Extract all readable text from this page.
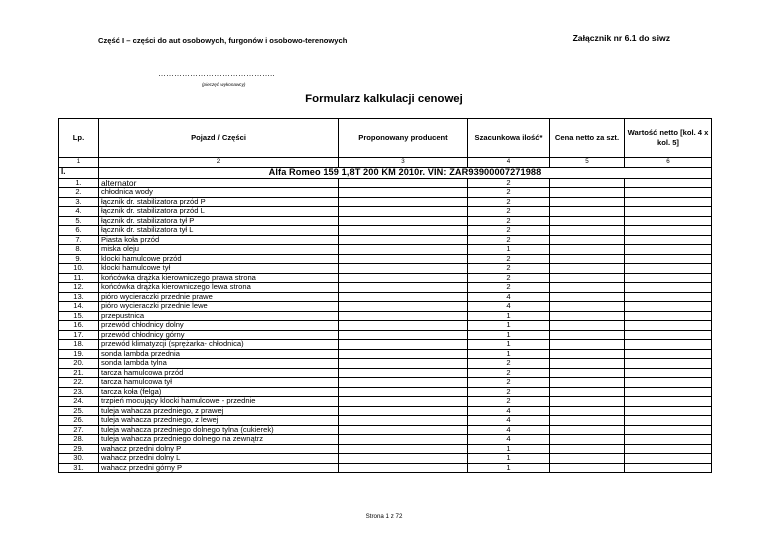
Część I – części do aut osobowych, furgonów i osobowo-terenowych	Załącznik nr 6.1 do siwz
……………………………………..
(pieczęć wykonawcy)
Formularz kalkulacji cenowej
Lp.	Pojazd / Części	Proponowany producent	Szacunkowa ilość*	Cena netto za szt.	Wartość netto [kol. 4 x kol. 5]
1	2	3	4	5	6
I.	Alfa Romeo 159 1,8T 200 KM 2010r. VIN: ZAR93900007271988				
1.	alternator		2		
2.	chłodnica wody		2		
3.	łącznik dr. stabilizatora przód P		2		
4.	łącznik dr. stabilizatora przód L		2		
5.	łącznik dr. stabilizatora tył P		2		
6.	łącznik dr. stabilizatora tył L		2		
7.	Piasta koła przód		2		
8.	miska oleju		1		
9.	klocki hamulcowe przód		2		
10.	klocki hamulcowe tył		2		
11.	końcówka drążka kierowniczego prawa strona		2		
12.	końcówka drążka kierowniczego lewa strona		2		
13.	pióro wycieraczki przednie prawe		4		
14.	pióro wycieraczki przednie lewe		4		
15.	przepustnica		1		
16.	przewód chłodnicy dolny		1		
17.	przewód chłodnicy górny		1		
18.	przewód klimatyzcji (sprężarka- chłodnica)		1		
19.	sonda lambda przednia		1		
20.	sonda lambda tylna		2		
21.	tarcza hamulcowa przód		2		
22.	tarcza hamulcowa tył		2		
23.	tarcza koła (felga)		2		
24.	trzpień mocujący klocki hamulcowe - przednie		2		
25.	tuleja wahacza przedniego, z prawej		4		
26.	tuleja wahacza przedniego, z lewej		4		
27.	tuleja wahacza przedniego dolnego tylna (cukierek)		4		
28.	tuleja wahacza przedniego dolnego na zewnątrz		4		
29.	wahacz przedni dolny P		1		
30.	wahacz przedni dolny L		1		
31.	wahacz przedni górny P		1		
Strona 1 z 72
